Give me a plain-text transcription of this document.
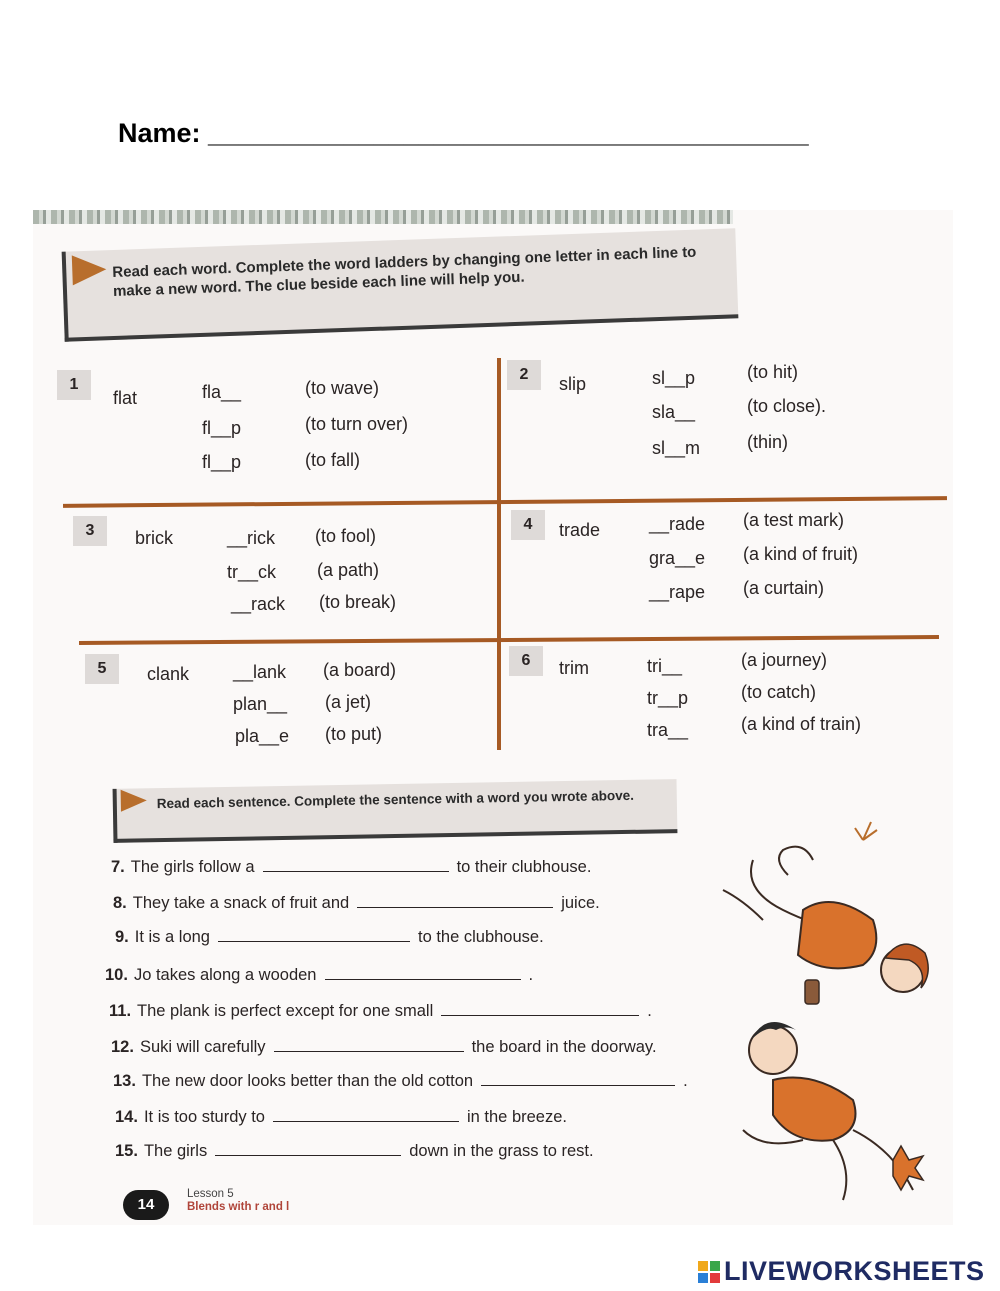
Name: ________________________________________
Read each word. Complete the word ladders by changing one letter in each line to make a new word. The clue beside each line will help you.
1
flat	fla__	(to wave)
fl__p	(to turn over)
fl__p	(to fall)
2	slip	sl__p	(to hit)
sla__	(to close).
sl__m	(thin)
3	brick	__rick (to fool)
tr__ck (a path)
__rack (to break)
4	trade	__rade (a test mark)
gra__e (a kind of fruit)
__rape (a curtain)
5	clank __lank (a board)
plan__ (a jet)
pla__e (to put)
6	trim	tri__	(a journey)
tr__p	(to catch)
tra__	(a kind of train)
Read each sentence. Complete the sentence with a word you wrote above.
7. The girls follow a	to their clubhouse.
8. They take a snack of fruit and	juice.
9. It is a long	to the clubhouse.
10. Jo takes along a wooden	.
11. The plank is perfect except for one small	.
12. Suki will carefully	the board in the doorway.
13. The new door looks better than the old cotton	.
14. It is too sturdy to	in the breeze.
15. The girls	down in the grass to rest.
14
Lesson 5
Blends with r and l
LIVEWORKSHEETS
